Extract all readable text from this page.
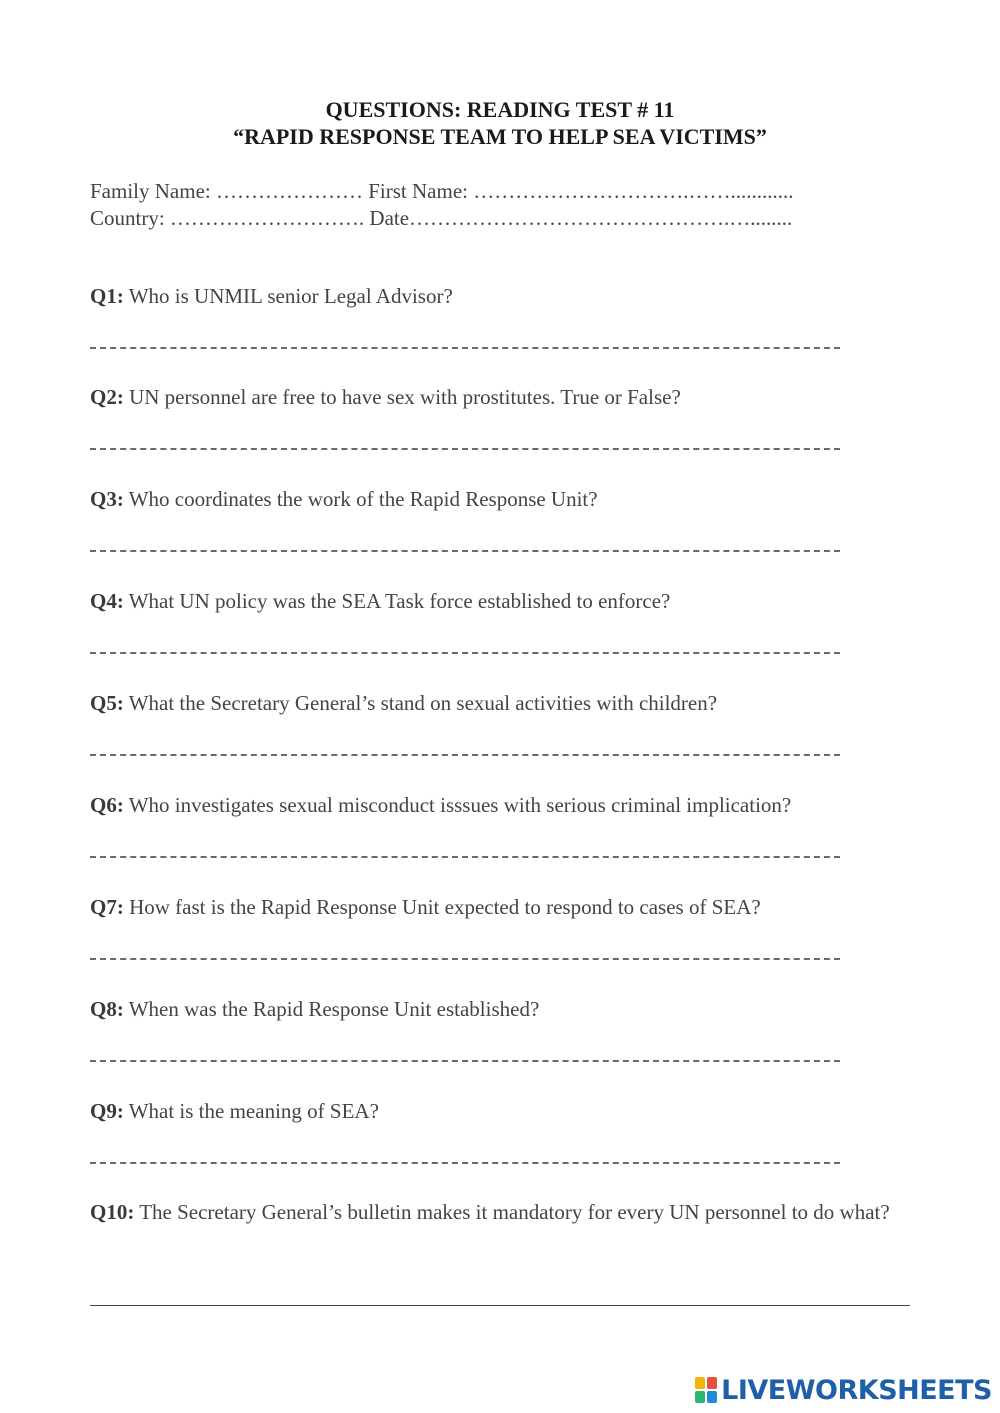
QUESTIONS: READING TEST # 11
“RAPID RESPONSE TEAM TO HELP SEA VICTIMS”
Family Name: ………………… First Name: ………………………….……............
Country: ………………………. Date……………………………………….…........
Q1: Who is UNMIL senior Legal Advisor?
Q2: UN personnel are free to have sex with prostitutes. True or False?
Q3: Who coordinates the work of the Rapid Response Unit?
Q4: What UN policy was the SEA Task force established to enforce?
Q5: What the Secretary General’s stand on sexual activities with children?
Q6: Who investigates sexual misconduct isssues with serious criminal implication?
Q7: How fast is the Rapid Response Unit expected to respond to cases of SEA?
Q8: When was the Rapid Response Unit established?
Q9: What is the meaning of SEA?
Q10: The Secretary General’s bulletin makes it mandatory for every UN personnel to do what?
LIVEWORKSHEETS
